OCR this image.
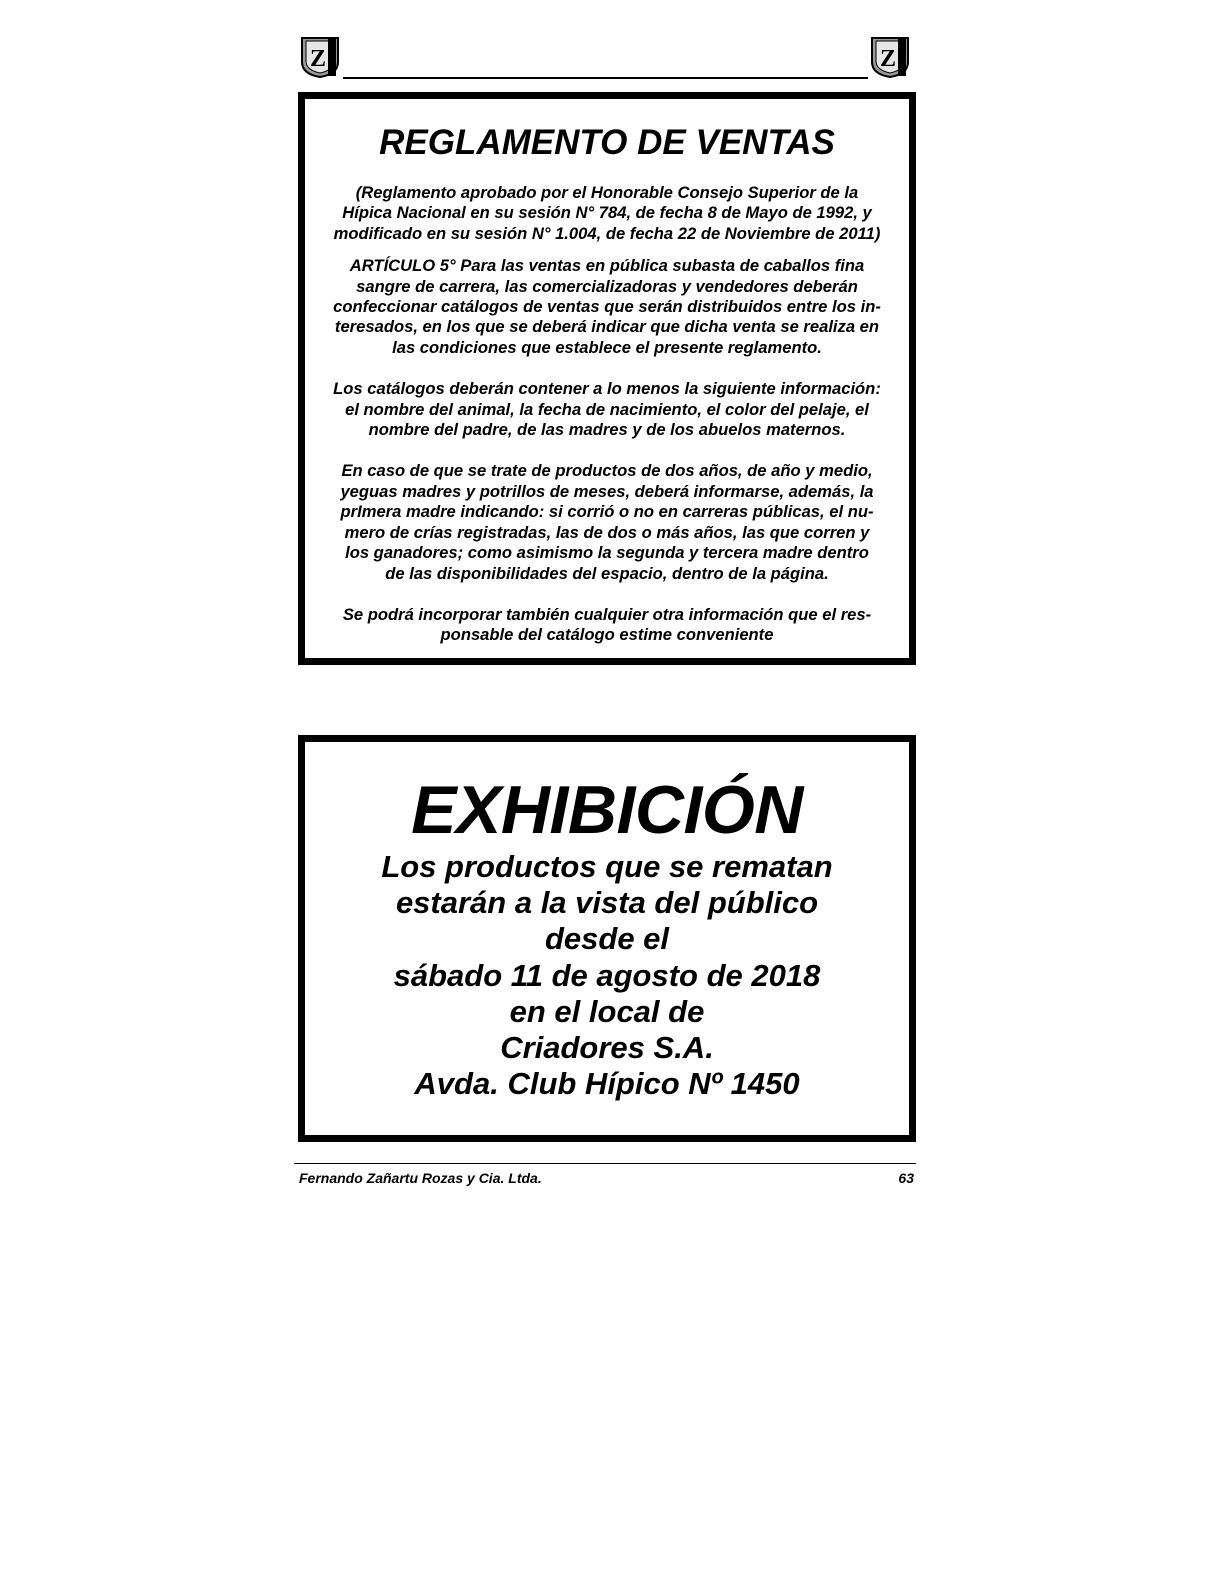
Z	Z
REGLAMENTO DE VENTAS

(Reglamento aprobado por el Honorable Consejo Superior de la

Hípica Nacional en su sesión N° 784, de fecha 8 de Mayo de 1992, y

modificado en su sesión N° 1.004, de fecha 22 de Noviembre de 2011)

ARTÍCULO 5° Para las ventas en pública subasta de caballos fina

sangre de carrera, las comercializadoras y vendedores deberán

confeccionar catálogos de ventas que serán distribuidos entre los in-

teresados, en los que se deberá indicar que dicha venta se realiza en

las condiciones que establece el presente reglamento.

Los catálogos deberán contener a lo menos la siguiente información:

el nombre del animal, la fecha de nacimiento, el color del pelaje, el

nombre del padre, de las madres y de los abuelos maternos.

En caso de que se trate de productos de dos años, de año y medio,

yeguas madres y potrillos de meses, deberá informarse, además, la

prImera madre indicando: si corrió o no en carreras públicas, el nu-

mero de crías registradas, las de dos o más años, las que corren y

los ganadores; como asimismo la segunda y tercera madre dentro

de las disponibilidades del espacio, dentro de la página.

Se podrá incorporar también cualquier otra información que el res-

ponsable del catálogo estime conveniente

EXHIBICIÓN

Los productos que se rematan

estarán a la vista del público

desde el

sábado 11 de agosto de 2018

en el local de

Criadores S.A.

Avda. Club Hípico Nº 1450

Fernando Zañartu Rozas y Cia. Ltda.	63
